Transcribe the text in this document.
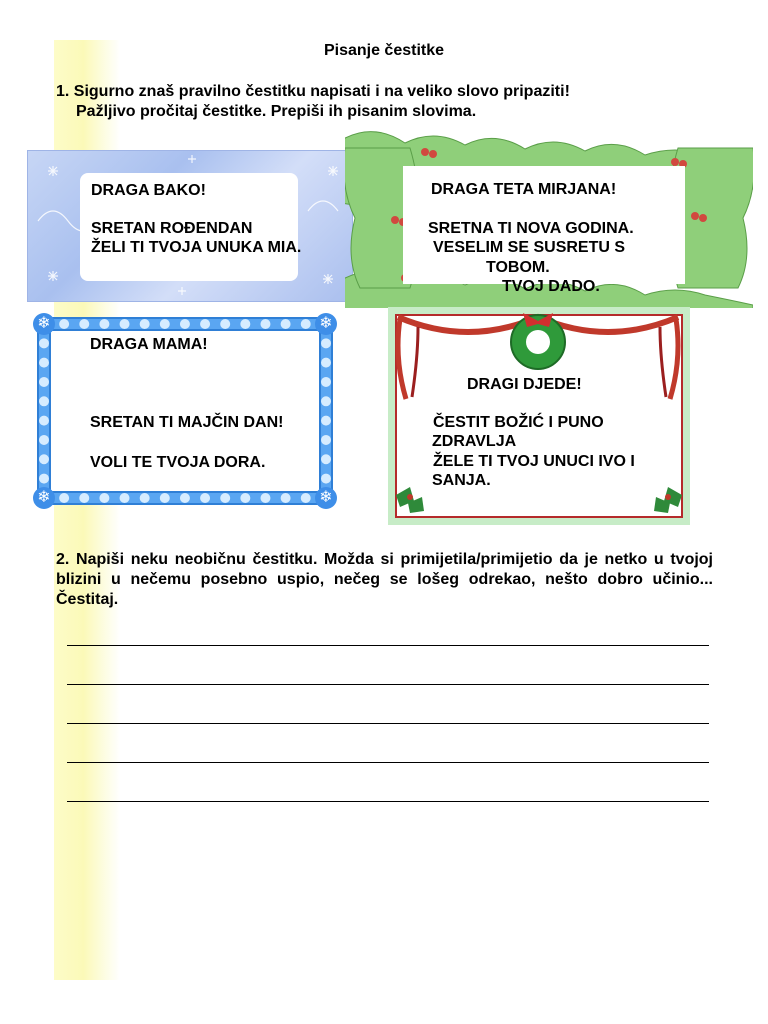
Pisanje čestitke
1. Sigurno znaš pravilno čestitku napisati i na veliko slovo pripaziti!
Pažljivo pročitaj čestitke. Prepiši ih pisanim slovima.
DRAGA BAKO!
SRETAN ROĐENDAN
ŽELI TI TVOJA UNUKA MIA.
DRAGA TETA MIRJANA!
SRETNA TI NOVA GODINA.
VESELIM SE SUSRETU S
TOBOM.
TVOJ DADO.
❄	❄
❄	❄
DRAGA MAMA!
SRETAN TI MAJČIN DAN!
VOLI TE TVOJA DORA.
DRAGI DJEDE!
ČESTIT BOŽIĆ I PUNO
ZDRAVLJA
ŽELE TI TVOJ UNUCI IVO I
SANJA.
2. Napiši neku neobičnu čestitku. Možda si primijetila/primijetio da je netko u tvojoj blizini u nečemu posebno uspio, nečeg se lošeg odrekao, nešto dobro učinio... Čestitaj.
